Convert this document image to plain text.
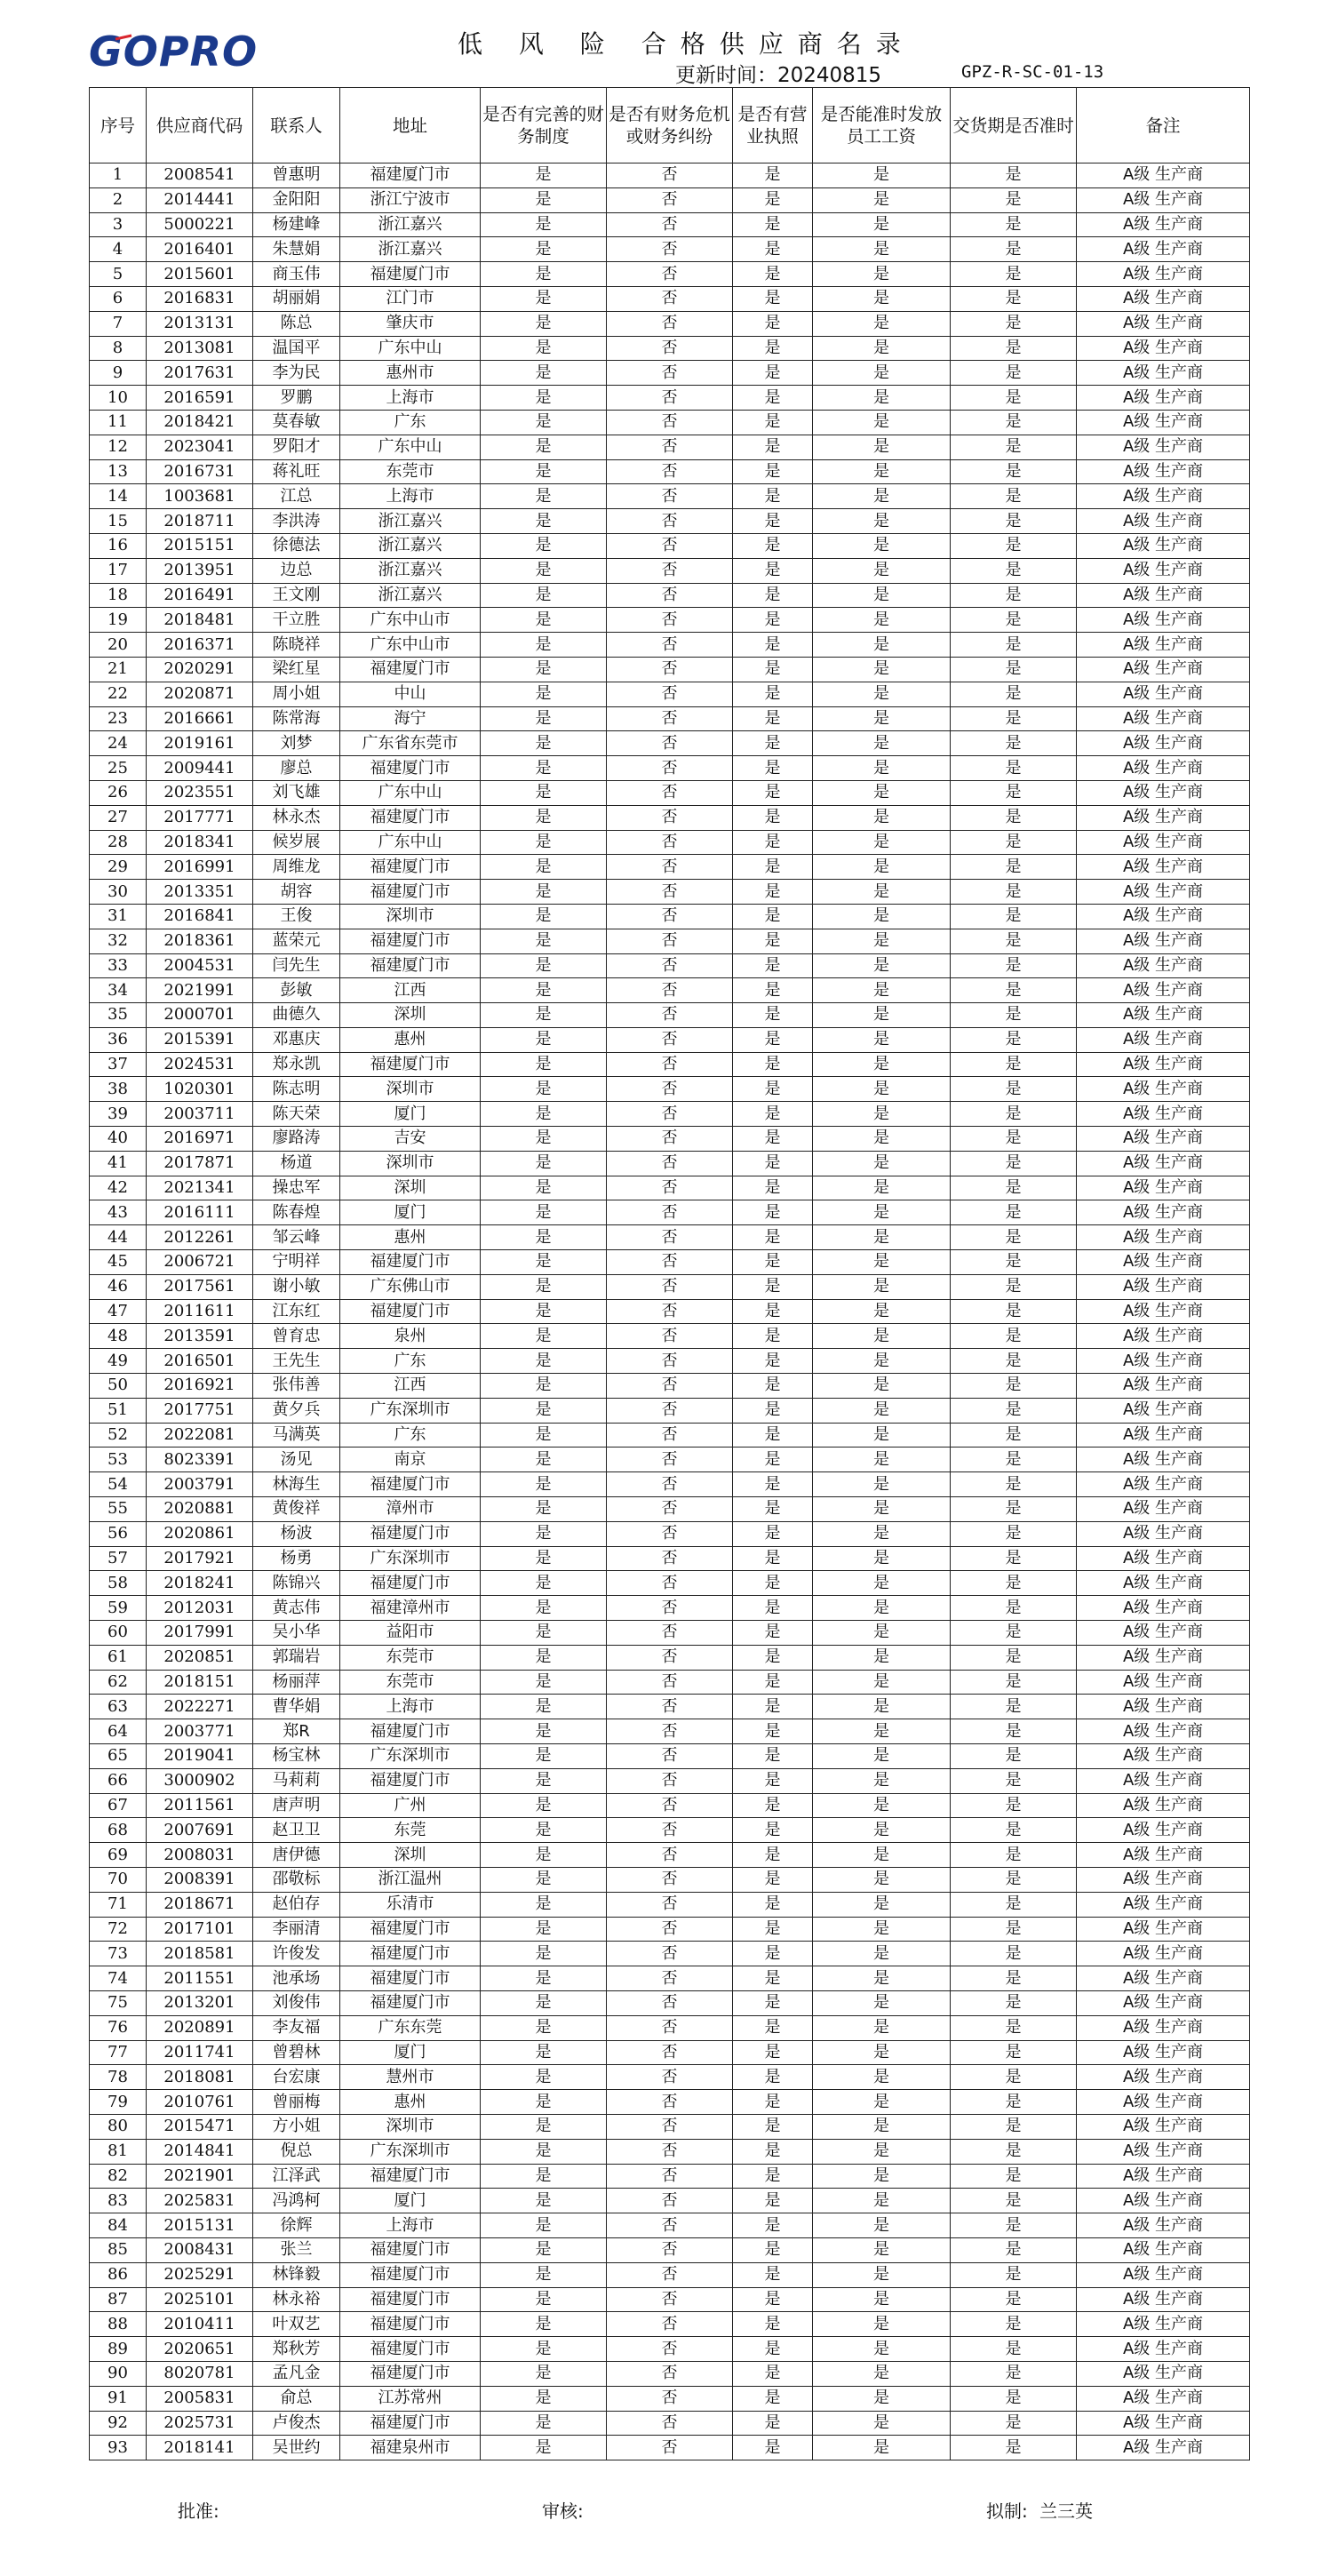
GOPRO	低 风 险 合格供应商名录
更新时间：20240815	GPZ-R-SC-01-13
序号	供应商代码	联系人	地址	是否有完善的财务制度	是否有财务危机或财务纠纷	是否有营业执照	是否能准时发放员工工资	交货期是否准时	备注
1	2008541	曾惠明	福建厦门市	是	否	是	是	是	A级 生产商
2	2014441	金阳阳	浙江宁波市	是	否	是	是	是	A级 生产商
3	5000221	杨建峰	浙江嘉兴	是	否	是	是	是	A级 生产商
4	2016401	朱慧娟	浙江嘉兴	是	否	是	是	是	A级 生产商
5	2015601	商玉伟	福建厦门市	是	否	是	是	是	A级 生产商
6	2016831	胡丽娟	江门市	是	否	是	是	是	A级 生产商
7	2013131	陈总	肇庆市	是	否	是	是	是	A级 生产商
8	2013081	温国平	广东中山	是	否	是	是	是	A级 生产商
9	2017631	李为民	惠州市	是	否	是	是	是	A级 生产商
10	2016591	罗鹏	上海市	是	否	是	是	是	A级 生产商
11	2018421	莫春敏	广东	是	否	是	是	是	A级 生产商
12	2023041	罗阳才	广东中山	是	否	是	是	是	A级 生产商
13	2016731	蒋礼旺	东莞市	是	否	是	是	是	A级 生产商
14	1003681	江总	上海市	是	否	是	是	是	A级 生产商
15	2018711	李洪涛	浙江嘉兴	是	否	是	是	是	A级 生产商
16	2015151	徐德法	浙江嘉兴	是	否	是	是	是	A级 生产商
17	2013951	边总	浙江嘉兴	是	否	是	是	是	A级 生产商
18	2016491	王文刚	浙江嘉兴	是	否	是	是	是	A级 生产商
19	2018481	干立胜	广东中山市	是	否	是	是	是	A级 生产商
20	2016371	陈晓祥	广东中山市	是	否	是	是	是	A级 生产商
21	2020291	梁红星	福建厦门市	是	否	是	是	是	A级 生产商
22	2020871	周小姐	中山	是	否	是	是	是	A级 生产商
23	2016661	陈常海	海宁	是	否	是	是	是	A级 生产商
24	2019161	刘梦	广东省东莞市	是	否	是	是	是	A级 生产商
25	2009441	廖总	福建厦门市	是	否	是	是	是	A级 生产商
26	2023551	刘飞雄	广东中山	是	否	是	是	是	A级 生产商
27	2017771	林永杰	福建厦门市	是	否	是	是	是	A级 生产商
28	2018341	候岁展	广东中山	是	否	是	是	是	A级 生产商
29	2016991	周维龙	福建厦门市	是	否	是	是	是	A级 生产商
30	2013351	胡容	福建厦门市	是	否	是	是	是	A级 生产商
31	2016841	王俊	深圳市	是	否	是	是	是	A级 生产商
32	2018361	蓝荣元	福建厦门市	是	否	是	是	是	A级 生产商
33	2004531	闫先生	福建厦门市	是	否	是	是	是	A级 生产商
34	2021991	彭敏	江西	是	否	是	是	是	A级 生产商
35	2000701	曲德久	深圳	是	否	是	是	是	A级 生产商
36	2015391	邓惠庆	惠州	是	否	是	是	是	A级 生产商
37	2024531	郑永凯	福建厦门市	是	否	是	是	是	A级 生产商
38	1020301	陈志明	深圳市	是	否	是	是	是	A级 生产商
39	2003711	陈天荣	厦门	是	否	是	是	是	A级 生产商
40	2016971	廖路涛	吉安	是	否	是	是	是	A级 生产商
41	2017871	杨道	深圳市	是	否	是	是	是	A级 生产商
42	2021341	操忠军	深圳	是	否	是	是	是	A级 生产商
43	2016111	陈春煌	厦门	是	否	是	是	是	A级 生产商
44	2012261	邹云峰	惠州	是	否	是	是	是	A级 生产商
45	2006721	宁明祥	福建厦门市	是	否	是	是	是	A级 生产商
46	2017561	谢小敏	广东佛山市	是	否	是	是	是	A级 生产商
47	2011611	江东红	福建厦门市	是	否	是	是	是	A级 生产商
48	2013591	曾育忠	泉州	是	否	是	是	是	A级 生产商
49	2016501	王先生	广东	是	否	是	是	是	A级 生产商
50	2016921	张伟善	江西	是	否	是	是	是	A级 生产商
51	2017751	黄夕兵	广东深圳市	是	否	是	是	是	A级 生产商
52	2022081	马满英	广东	是	否	是	是	是	A级 生产商
53	8023391	汤见	南京	是	否	是	是	是	A级 生产商
54	2003791	林海生	福建厦门市	是	否	是	是	是	A级 生产商
55	2020881	黄俊祥	漳州市	是	否	是	是	是	A级 生产商
56	2020861	杨波	福建厦门市	是	否	是	是	是	A级 生产商
57	2017921	杨勇	广东深圳市	是	否	是	是	是	A级 生产商
58	2018241	陈锦兴	福建厦门市	是	否	是	是	是	A级 生产商
59	2012031	黄志伟	福建漳州市	是	否	是	是	是	A级 生产商
60	2017991	吴小华	益阳市	是	否	是	是	是	A级 生产商
61	2020851	郭瑞岩	东莞市	是	否	是	是	是	A级 生产商
62	2018151	杨丽萍	东莞市	是	否	是	是	是	A级 生产商
63	2022271	曹华娟	上海市	是	否	是	是	是	A级 生产商
64	2003771	郑R	福建厦门市	是	否	是	是	是	A级 生产商
65	2019041	杨宝林	广东深圳市	是	否	是	是	是	A级 生产商
66	3000902	马莉莉	福建厦门市	是	否	是	是	是	A级 生产商
67	2011561	唐声明	广州	是	否	是	是	是	A级 生产商
68	2007691	赵卫卫	东莞	是	否	是	是	是	A级 生产商
69	2008031	唐伊德	深圳	是	否	是	是	是	A级 生产商
70	2008391	邵敬标	浙江温州	是	否	是	是	是	A级 生产商
71	2018671	赵伯存	乐清市	是	否	是	是	是	A级 生产商
72	2017101	李丽清	福建厦门市	是	否	是	是	是	A级 生产商
73	2018581	许俊发	福建厦门市	是	否	是	是	是	A级 生产商
74	2011551	池承场	福建厦门市	是	否	是	是	是	A级 生产商
75	2013201	刘俊伟	福建厦门市	是	否	是	是	是	A级 生产商
76	2020891	李友福	广东东莞	是	否	是	是	是	A级 生产商
77	2011741	曾碧林	厦门	是	否	是	是	是	A级 生产商
78	2018081	台宏康	慧州市	是	否	是	是	是	A级 生产商
79	2010761	曾丽梅	惠州	是	否	是	是	是	A级 生产商
80	2015471	方小姐	深圳市	是	否	是	是	是	A级 生产商
81	2014841	倪总	广东深圳市	是	否	是	是	是	A级 生产商
82	2021901	江泽武	福建厦门市	是	否	是	是	是	A级 生产商
83	2025831	冯鸿柯	厦门	是	否	是	是	是	A级 生产商
84	2015131	徐辉	上海市	是	否	是	是	是	A级 生产商
85	2008431	张兰	福建厦门市	是	否	是	是	是	A级 生产商
86	2025291	林锋毅	福建厦门市	是	否	是	是	是	A级 生产商
87	2025101	林永裕	福建厦门市	是	否	是	是	是	A级 生产商
88	2010411	叶双艺	福建厦门市	是	否	是	是	是	A级 生产商
89	2020651	郑秋芳	福建厦门市	是	否	是	是	是	A级 生产商
90	8020781	孟凡金	福建厦门市	是	否	是	是	是	A级 生产商
91	2005831	俞总	江苏常州	是	否	是	是	是	A级 生产商
92	2025731	卢俊杰	福建厦门市	是	否	是	是	是	A级 生产商
93	2018141	吴世约	福建泉州市	是	否	是	是	是	A级 生产商
批准:	审核:	拟制: 兰三英
